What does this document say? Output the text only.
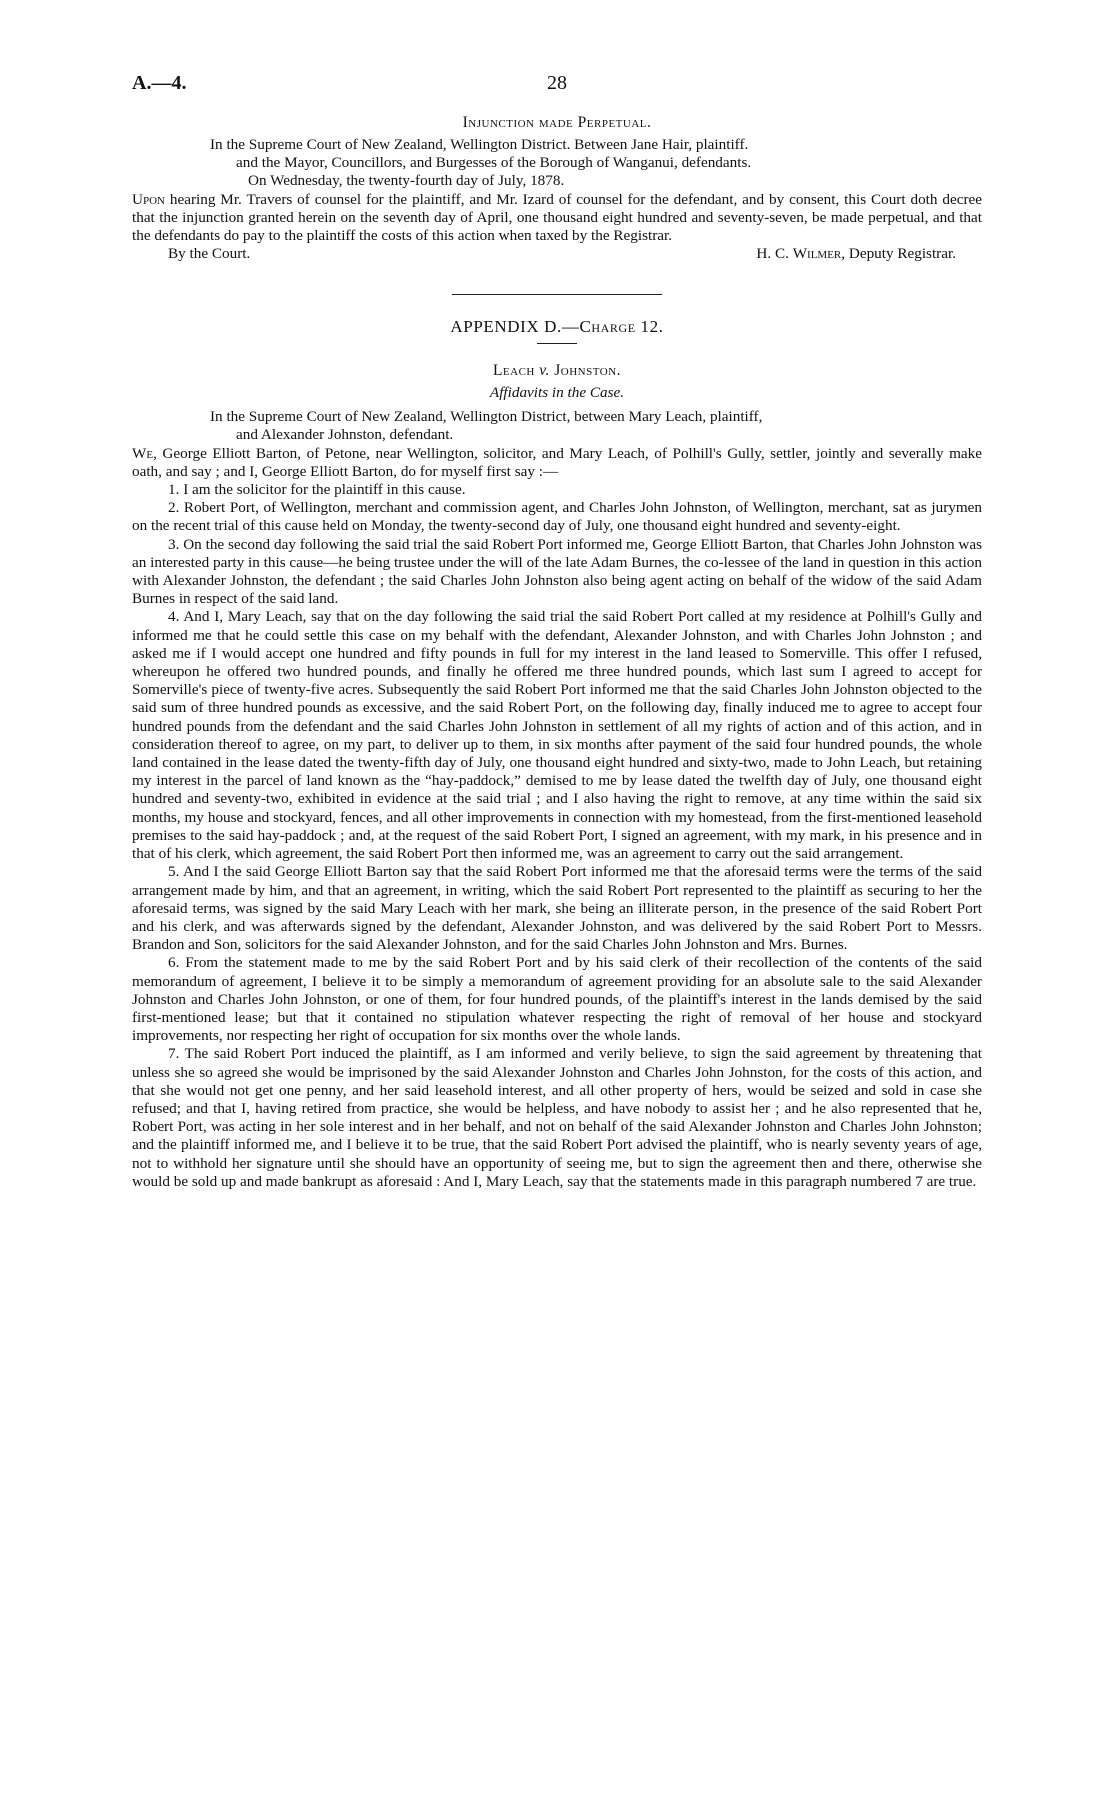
A.—4.	28
Injunction made Perpetual.

In the Supreme Court of New Zealand, Wellington District. Between Jane Hair, plaintiff.

and the Mayor, Councillors, and Burgesses of the Borough of Wanganui, defendants.

On Wednesday, the twenty-fourth day of July, 1878.

Upon hearing Mr. Travers of counsel for the plaintiff, and Mr. Izard of counsel for the defendant, and by consent, this Court doth decree that the injunction granted herein on the seventh day of April, one thousand eight hundred and seventy-seven, be made perpetual, and that the defendants do pay to the plaintiff the costs of this action when taxed by the Registrar.

By the Court.	H. C. Wilmer, Deputy Registrar.
APPENDIX D.—Charge 12.
Leach v. Johnston.
Affidavits in the Case.

In the Supreme Court of New Zealand, Wellington District, between Mary Leach, plaintiff,

and Alexander Johnston, defendant.

We, George Elliott Barton, of Petone, near Wellington, solicitor, and Mary Leach, of Polhill's Gully, settler, jointly and severally make oath, and say ; and I, George Elliott Barton, do for myself first say :—

1. I am the solicitor for the plaintiff in this cause.

2. Robert Port, of Wellington, merchant and commission agent, and Charles John Johnston, of Wellington, merchant, sat as jurymen on the recent trial of this cause held on Monday, the twenty-second day of July, one thousand eight hundred and seventy-eight.

3. On the second day following the said trial the said Robert Port informed me, George Elliott Barton, that Charles John Johnston was an interested party in this cause—he being trustee under the will of the late Adam Burnes, the co-lessee of the land in question in this action with Alexander Johnston, the defendant ; the said Charles John Johnston also being agent acting on behalf of the widow of the said Adam Burnes in respect of the said land.

4. And I, Mary Leach, say that on the day following the said trial the said Robert Port called at my residence at Polhill's Gully and informed me that he could settle this case on my behalf with the defendant, Alexander Johnston, and with Charles John Johnston ; and asked me if I would accept one hundred and fifty pounds in full for my interest in the land leased to Somerville. This offer I refused, whereupon he offered two hundred pounds, and finally he offered me three hundred pounds, which last sum I agreed to accept for Somerville's piece of twenty-five acres. Subsequently the said Robert Port informed me that the said Charles John Johnston objected to the said sum of three hundred pounds as excessive, and the said Robert Port, on the following day, finally induced me to agree to accept four hundred pounds from the defendant and the said Charles John Johnston in settlement of all my rights of action and of this action, and in consideration thereof to agree, on my part, to deliver up to them, in six months after payment of the said four hundred pounds, the whole land contained in the lease dated the twenty-fifth day of July, one thousand eight hundred and sixty-two, made to John Leach, but retaining my interest in the parcel of land known as the “hay-paddock,” demised to me by lease dated the twelfth day of July, one thousand eight hundred and seventy-two, exhibited in evidence at the said trial ; and I also having the right to remove, at any time within the said six months, my house and stockyard, fences, and all other improvements in connection with my homestead, from the first-mentioned leasehold premises to the said hay-paddock ; and, at the request of the said Robert Port, I signed an agreement, with my mark, in his presence and in that of his clerk, which agreement, the said Robert Port then informed me, was an agreement to carry out the said arrangement.

5. And I the said George Elliott Barton say that the said Robert Port informed me that the aforesaid terms were the terms of the said arrangement made by him, and that an agreement, in writing, which the said Robert Port represented to the plaintiff as securing to her the aforesaid terms, was signed by the said Mary Leach with her mark, she being an illiterate person, in the presence of the said Robert Port and his clerk, and was afterwards signed by the defendant, Alexander Johnston, and was delivered by the said Robert Port to Messrs. Brandon and Son, solicitors for the said Alexander Johnston, and for the said Charles John Johnston and Mrs. Burnes.

6. From the statement made to me by the said Robert Port and by his said clerk of their recollection of the contents of the said memorandum of agreement, I believe it to be simply a memorandum of agreement providing for an absolute sale to the said Alexander Johnston and Charles John Johnston, or one of them, for four hundred pounds, of the plaintiff's interest in the lands demised by the said first-mentioned lease; but that it contained no stipulation whatever respecting the right of removal of her house and stockyard improvements, nor respecting her right of occupation for six months over the whole lands.

7. The said Robert Port induced the plaintiff, as I am informed and verily believe, to sign the said agreement by threatening that unless she so agreed she would be imprisoned by the said Alexander Johnston and Charles John Johnston, for the costs of this action, and that she would not get one penny, and her said leasehold interest, and all other property of hers, would be seized and sold in case she refused; and that I, having retired from practice, she would be helpless, and have nobody to assist her ; and he also represented that he, Robert Port, was acting in her sole interest and in her behalf, and not on behalf of the said Alexander Johnston and Charles John Johnston; and the plaintiff informed me, and I believe it to be true, that the said Robert Port advised the plaintiff, who is nearly seventy years of age, not to withhold her signature until she should have an opportunity of seeing me, but to sign the agreement then and there, otherwise she would be sold up and made bankrupt as aforesaid : And I, Mary Leach, say that the statements made in this paragraph numbered 7 are true.
